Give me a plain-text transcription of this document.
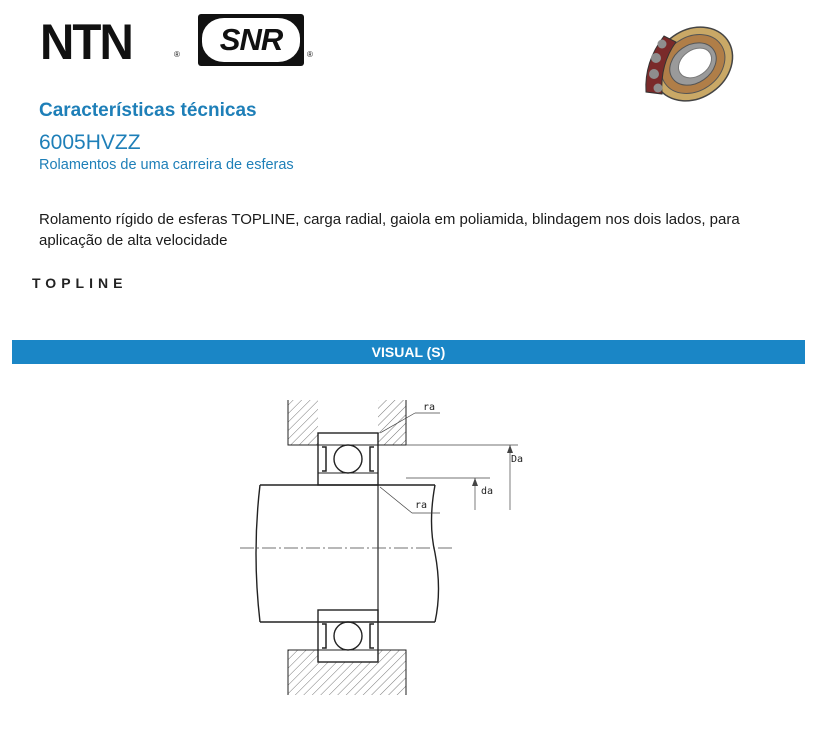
NTN	® SNR	®
Características técnicas
6005HVZZ
Rolamentos de uma carreira de esferas
Rolamento rígido de esferas TOPLINE, carga radial, gaiola em poliamida, blindagem nos dois lados, para aplicação de alta velocidade
TOPLINE
VISUAL (S)
ra
Da
da
ra
